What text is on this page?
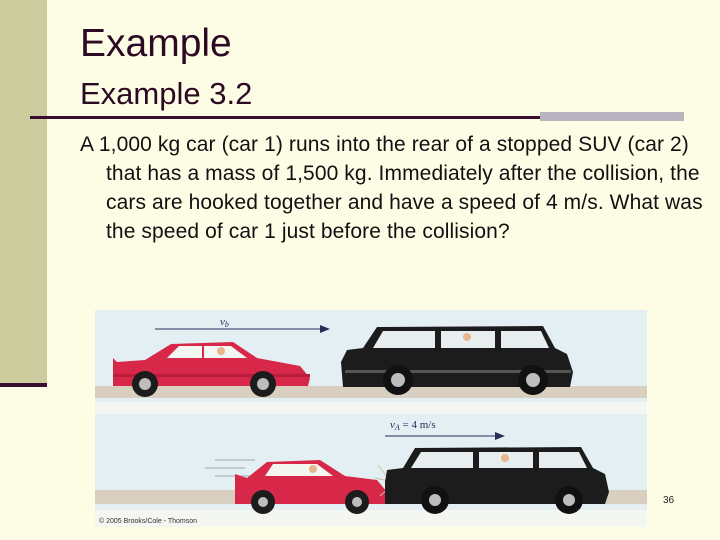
Example
Example 3.2

A 1,000 kg car (car 1) runs into the rear of a stopped SUV (car 2) that has a mass of 1,500 kg. Immediately after the collision, the cars are hooked together and have a speed of 4 m/s. What was the speed of car 1 just before the collision?

vb
vA = 4 m/s
© 2005 Brooks/Cole - Thomson
36
